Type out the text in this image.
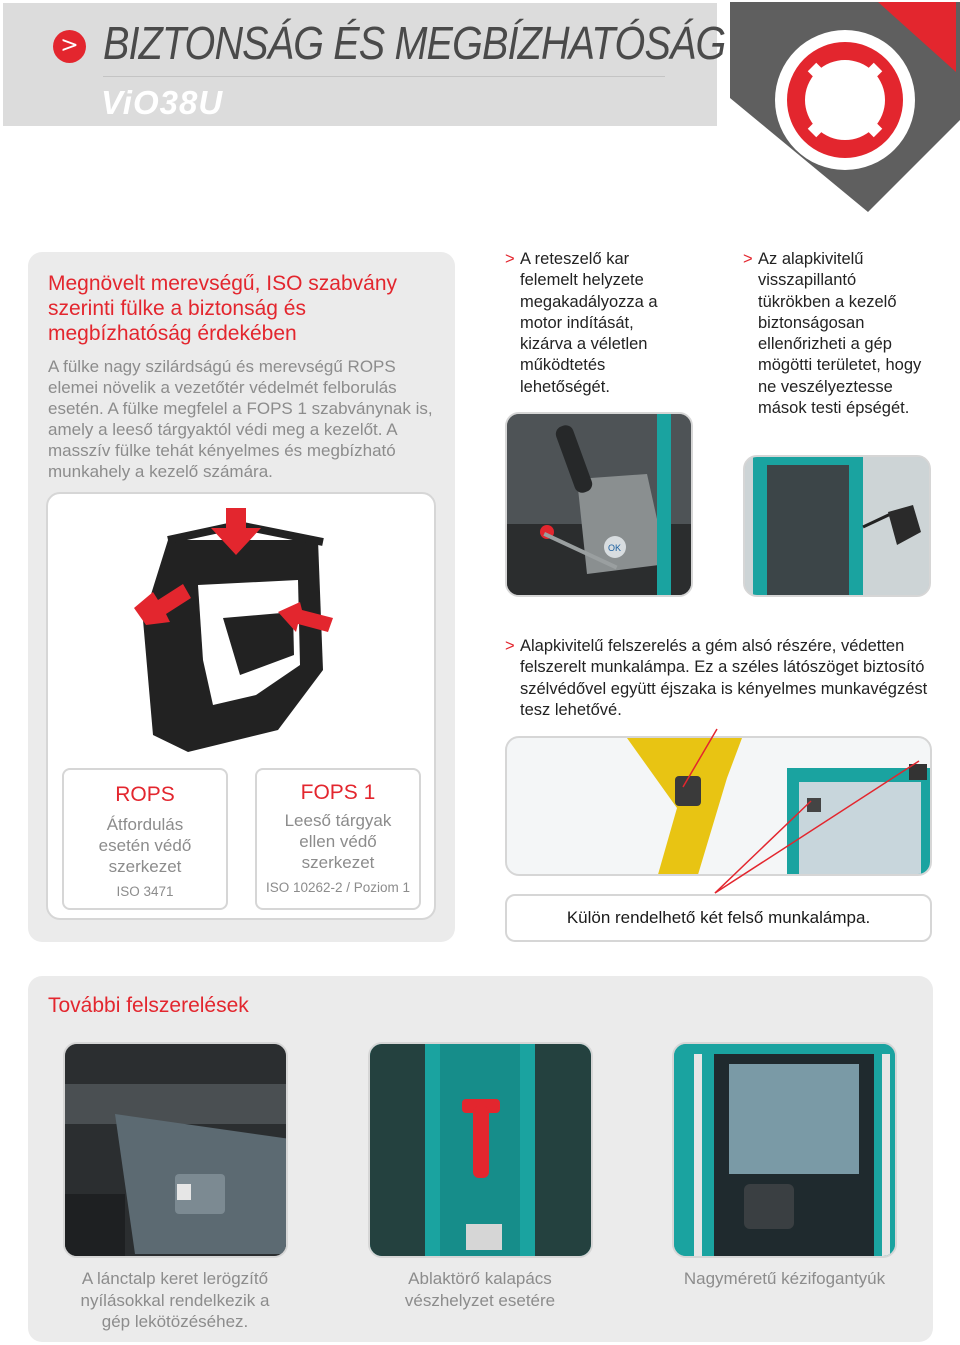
> BIZTONSÁG ÉS MEGBÍZHATÓSÁG
ViO38U
Megnövelt merevségű, ISO szabvány szerinti fülke a biztonság és megbízhatóság érdekében
A fülke nagy szilárdságú és merevségű ROPS elemei növelik a vezetőtér védelmét felborulás esetén. A fülke megfelel a FOPS 1 szabványnak is, amely a leeső tárgyaktól védi meg a kezelőt. A masszív fülke tehát kényelmes és megbízható munkahely a kezelő számára.
ROPS
Átfordulás esetén védő szerkezet
ISO 3471
FOPS 1
Leeső tárgyak ellen védő szerkezet
ISO 10262-2 / Poziom 1
> A reteszelő kar felemelt helyzete megakadályozza a motor indítását, kizárva a véletlen működtetés lehetőségét.
OK
> Az alapkivitelű visszapillantó tükrökben a kezelő biztonságosan ellenőrizheti a gép mögötti területet, hogy ne veszélyeztesse mások testi épségét.
> Alapkivitelű felszerelés a gém alsó részére, védetten felszerelt munkalámpa. Ez a széles látószöget biztosító szélvédővel együtt éjszaka is kényelmes munkavégzést tesz lehetővé.
Külön rendelhető két felső munkalámpa.
További felszerelések
A lánctalp keret lerögzítő nyílásokkal rendelkezik a gép lekötözéséhez.
Ablaktörő kalapács vészhelyzet esetére
Nagyméretű kézifogantyúk
